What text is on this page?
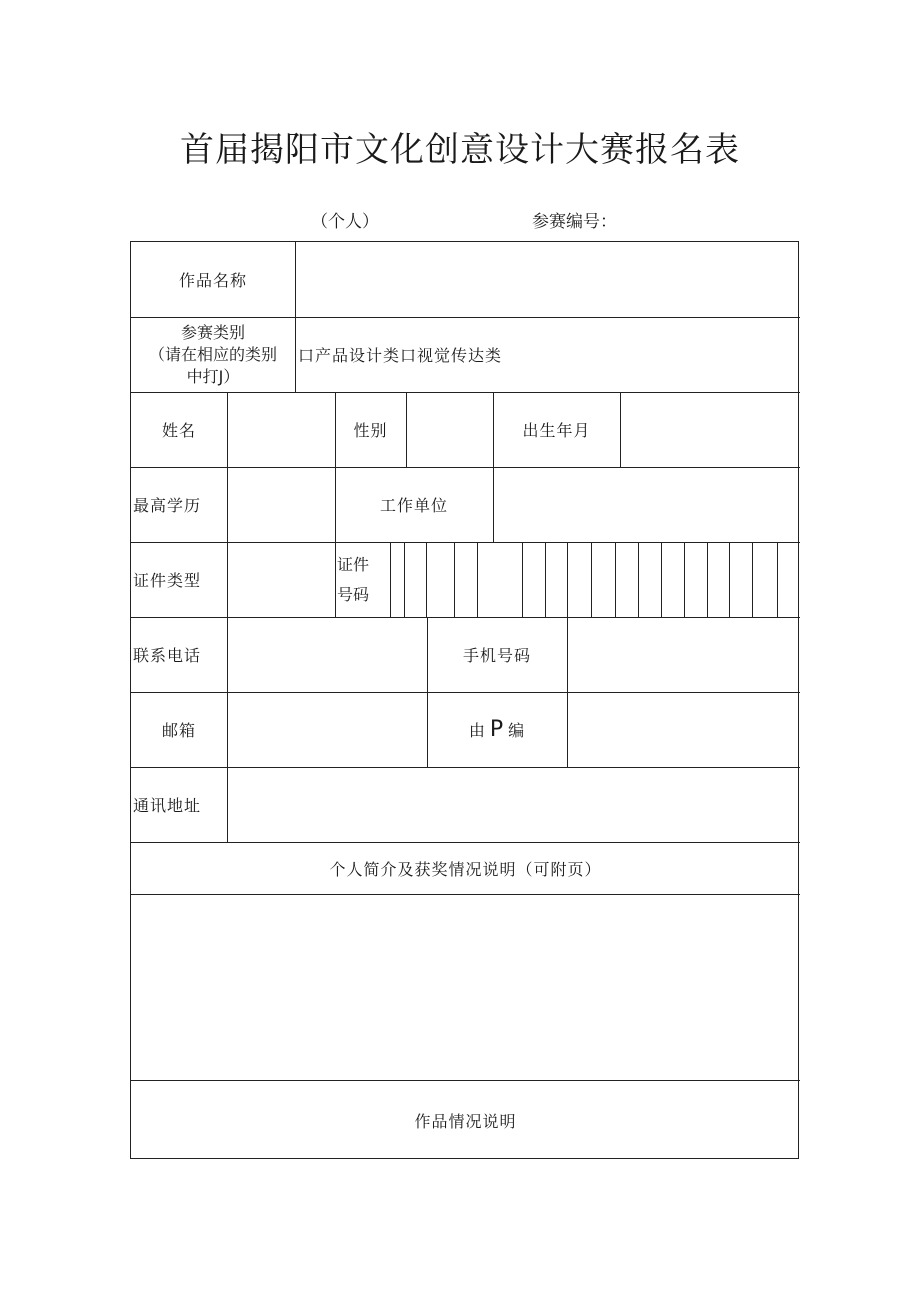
首届揭阳市文化创意设计大赛报名表
（个人）	参赛编号：
作品名称
参赛类别
（请在相应的类别
中打J）
口产品设计类口视觉传达类
姓名	性别	出生年月
最高学历	工作单位
证件类型
证件
号码
联系电话	手机号码
邮箱	由 P 编
通讯地址
个人简介及获奖情况说明（可附页）
作品情况说明
